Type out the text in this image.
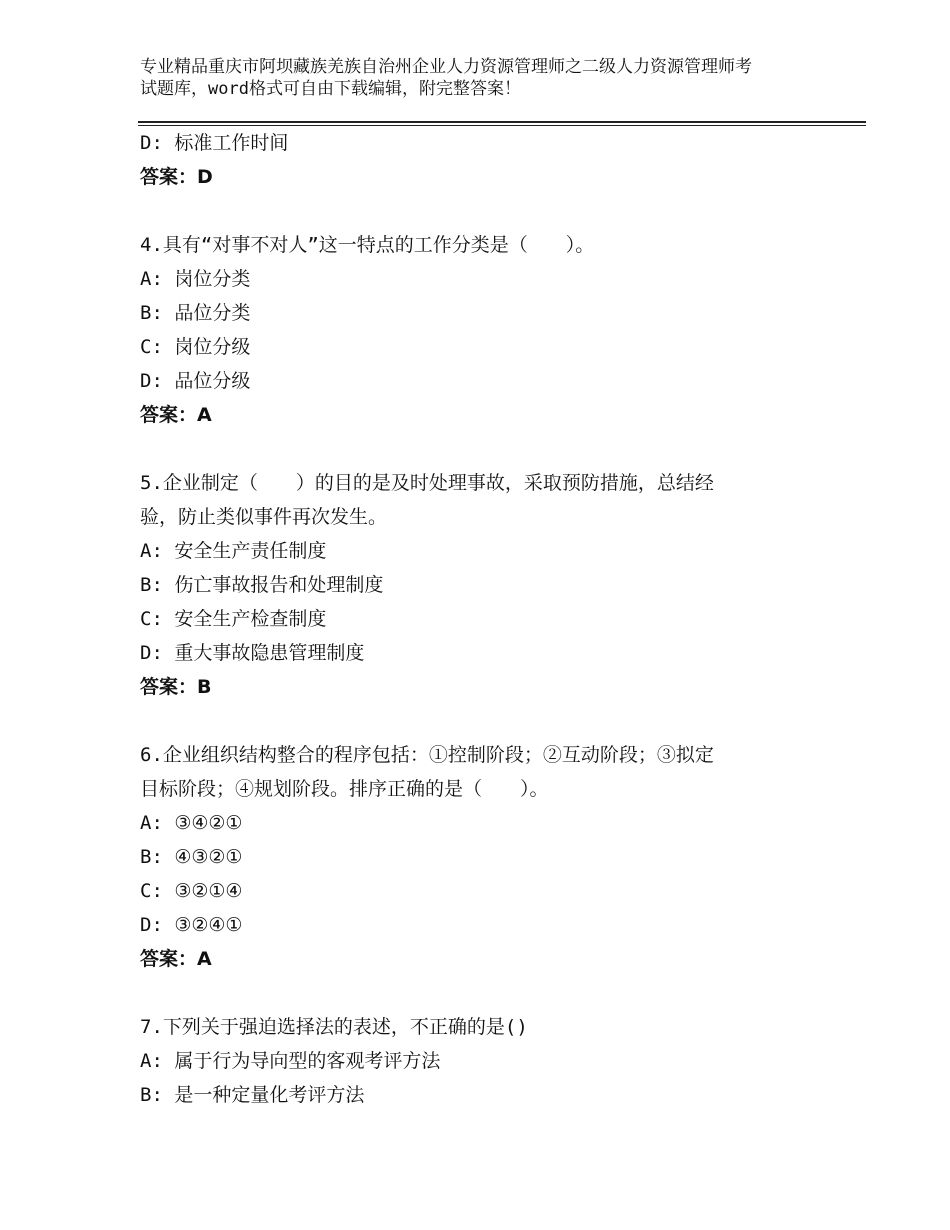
专业精品重庆市阿坝藏族羌族自治州企业人力资源管理师之二级人力资源管理师考
试题库，word格式可自由下载编辑，附完整答案！
D: 标准工作时间
答案：D
4.具有“对事不对人”这一特点的工作分类是（　　）。
A: 岗位分类
B: 品位分类
C: 岗位分级
D: 品位分级
答案：A
5.企业制定（　　）的目的是及时处理事故，采取预防措施，总结经
验，防止类似事件再次发生。
A: 安全生产责任制度
B: 伤亡事故报告和处理制度
C: 安全生产检查制度
D: 重大事故隐患管理制度
答案：B
6.企业组织结构整合的程序包括：①控制阶段；②互动阶段；③拟定
目标阶段；④规划阶段。排序正确的是（　　）。
A: ③④②①
B: ④③②①
C: ③②①④
D: ③②④①
答案：A
7.下列关于强迫选择法的表述，不正确的是()
A: 属于行为导向型的客观考评方法
B: 是一种定量化考评方法
